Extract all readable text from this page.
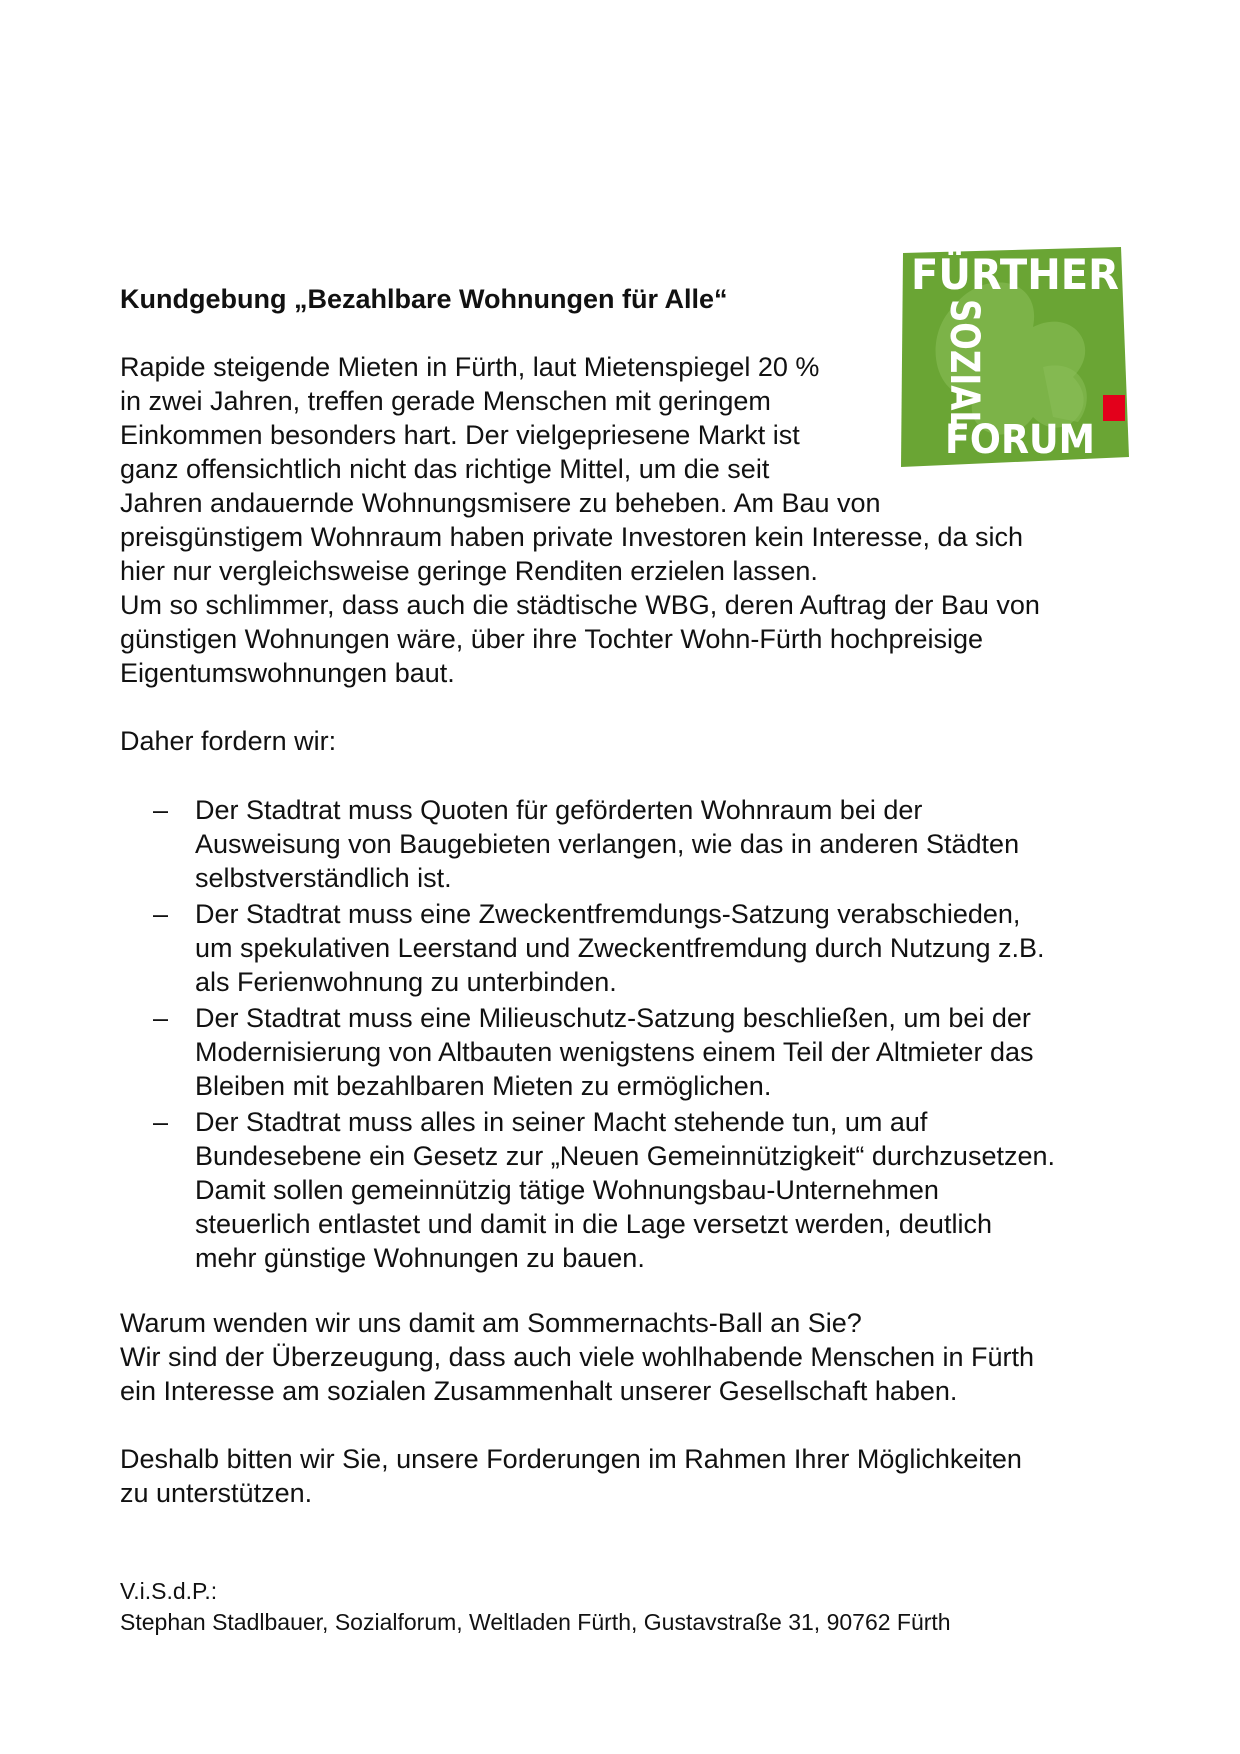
FÜRTHER
SOZIAL
FORUM
Kundgebung „Bezahlbare Wohnungen für Alle“
Rapide steigende Mieten in Fürth, laut Mietenspiegel 20 %
in zwei Jahren, treffen gerade Menschen mit geringem
Einkommen besonders hart. Der vielgepriesene Markt ist
ganz offensichtlich nicht das richtige Mittel, um die seit
Jahren andauernde Wohnungsmisere zu beheben. Am Bau von
preisgünstigem Wohnraum haben private Investoren kein Interesse, da sich
hier nur vergleichsweise geringe Renditen erzielen lassen.
Um so schlimmer, dass auch die städtische WBG, deren Auftrag der Bau von
günstigen Wohnungen wäre, über ihre Tochter Wohn-Fürth hochpreisige
Eigentumswohnungen baut.
Daher fordern wir:
– Der Stadtrat muss Quoten für geförderten Wohnraum bei der
Ausweisung von Baugebieten verlangen, wie das in anderen Städten
selbstverständlich ist.
– Der Stadtrat muss eine Zweckentfremdungs-Satzung verabschieden,
um spekulativen Leerstand und Zweckentfremdung durch Nutzung z.B.
als Ferienwohnung zu unterbinden.
– Der Stadtrat muss eine Milieuschutz-Satzung beschließen, um bei der
Modernisierung von Altbauten wenigstens einem Teil der Altmieter das
Bleiben mit bezahlbaren Mieten zu ermöglichen.
– Der Stadtrat muss alles in seiner Macht stehende tun, um auf
Bundesebene ein Gesetz zur „Neuen Gemeinnützigkeit“ durchzusetzen.
Damit sollen gemeinnützig tätige Wohnungsbau-Unternehmen
steuerlich entlastet und damit in die Lage versetzt werden, deutlich
mehr günstige Wohnungen zu bauen.
Warum wenden wir uns damit am Sommernachts-Ball an Sie?
Wir sind der Überzeugung, dass auch viele wohlhabende Menschen in Fürth
ein Interesse am sozialen Zusammenhalt unserer Gesellschaft haben.
Deshalb bitten wir Sie, unsere Forderungen im Rahmen Ihrer Möglichkeiten
zu unterstützen.
V.i.S.d.P.:
Stephan Stadlbauer, Sozialforum, Weltladen Fürth, Gustavstraße 31, 90762 Fürth
